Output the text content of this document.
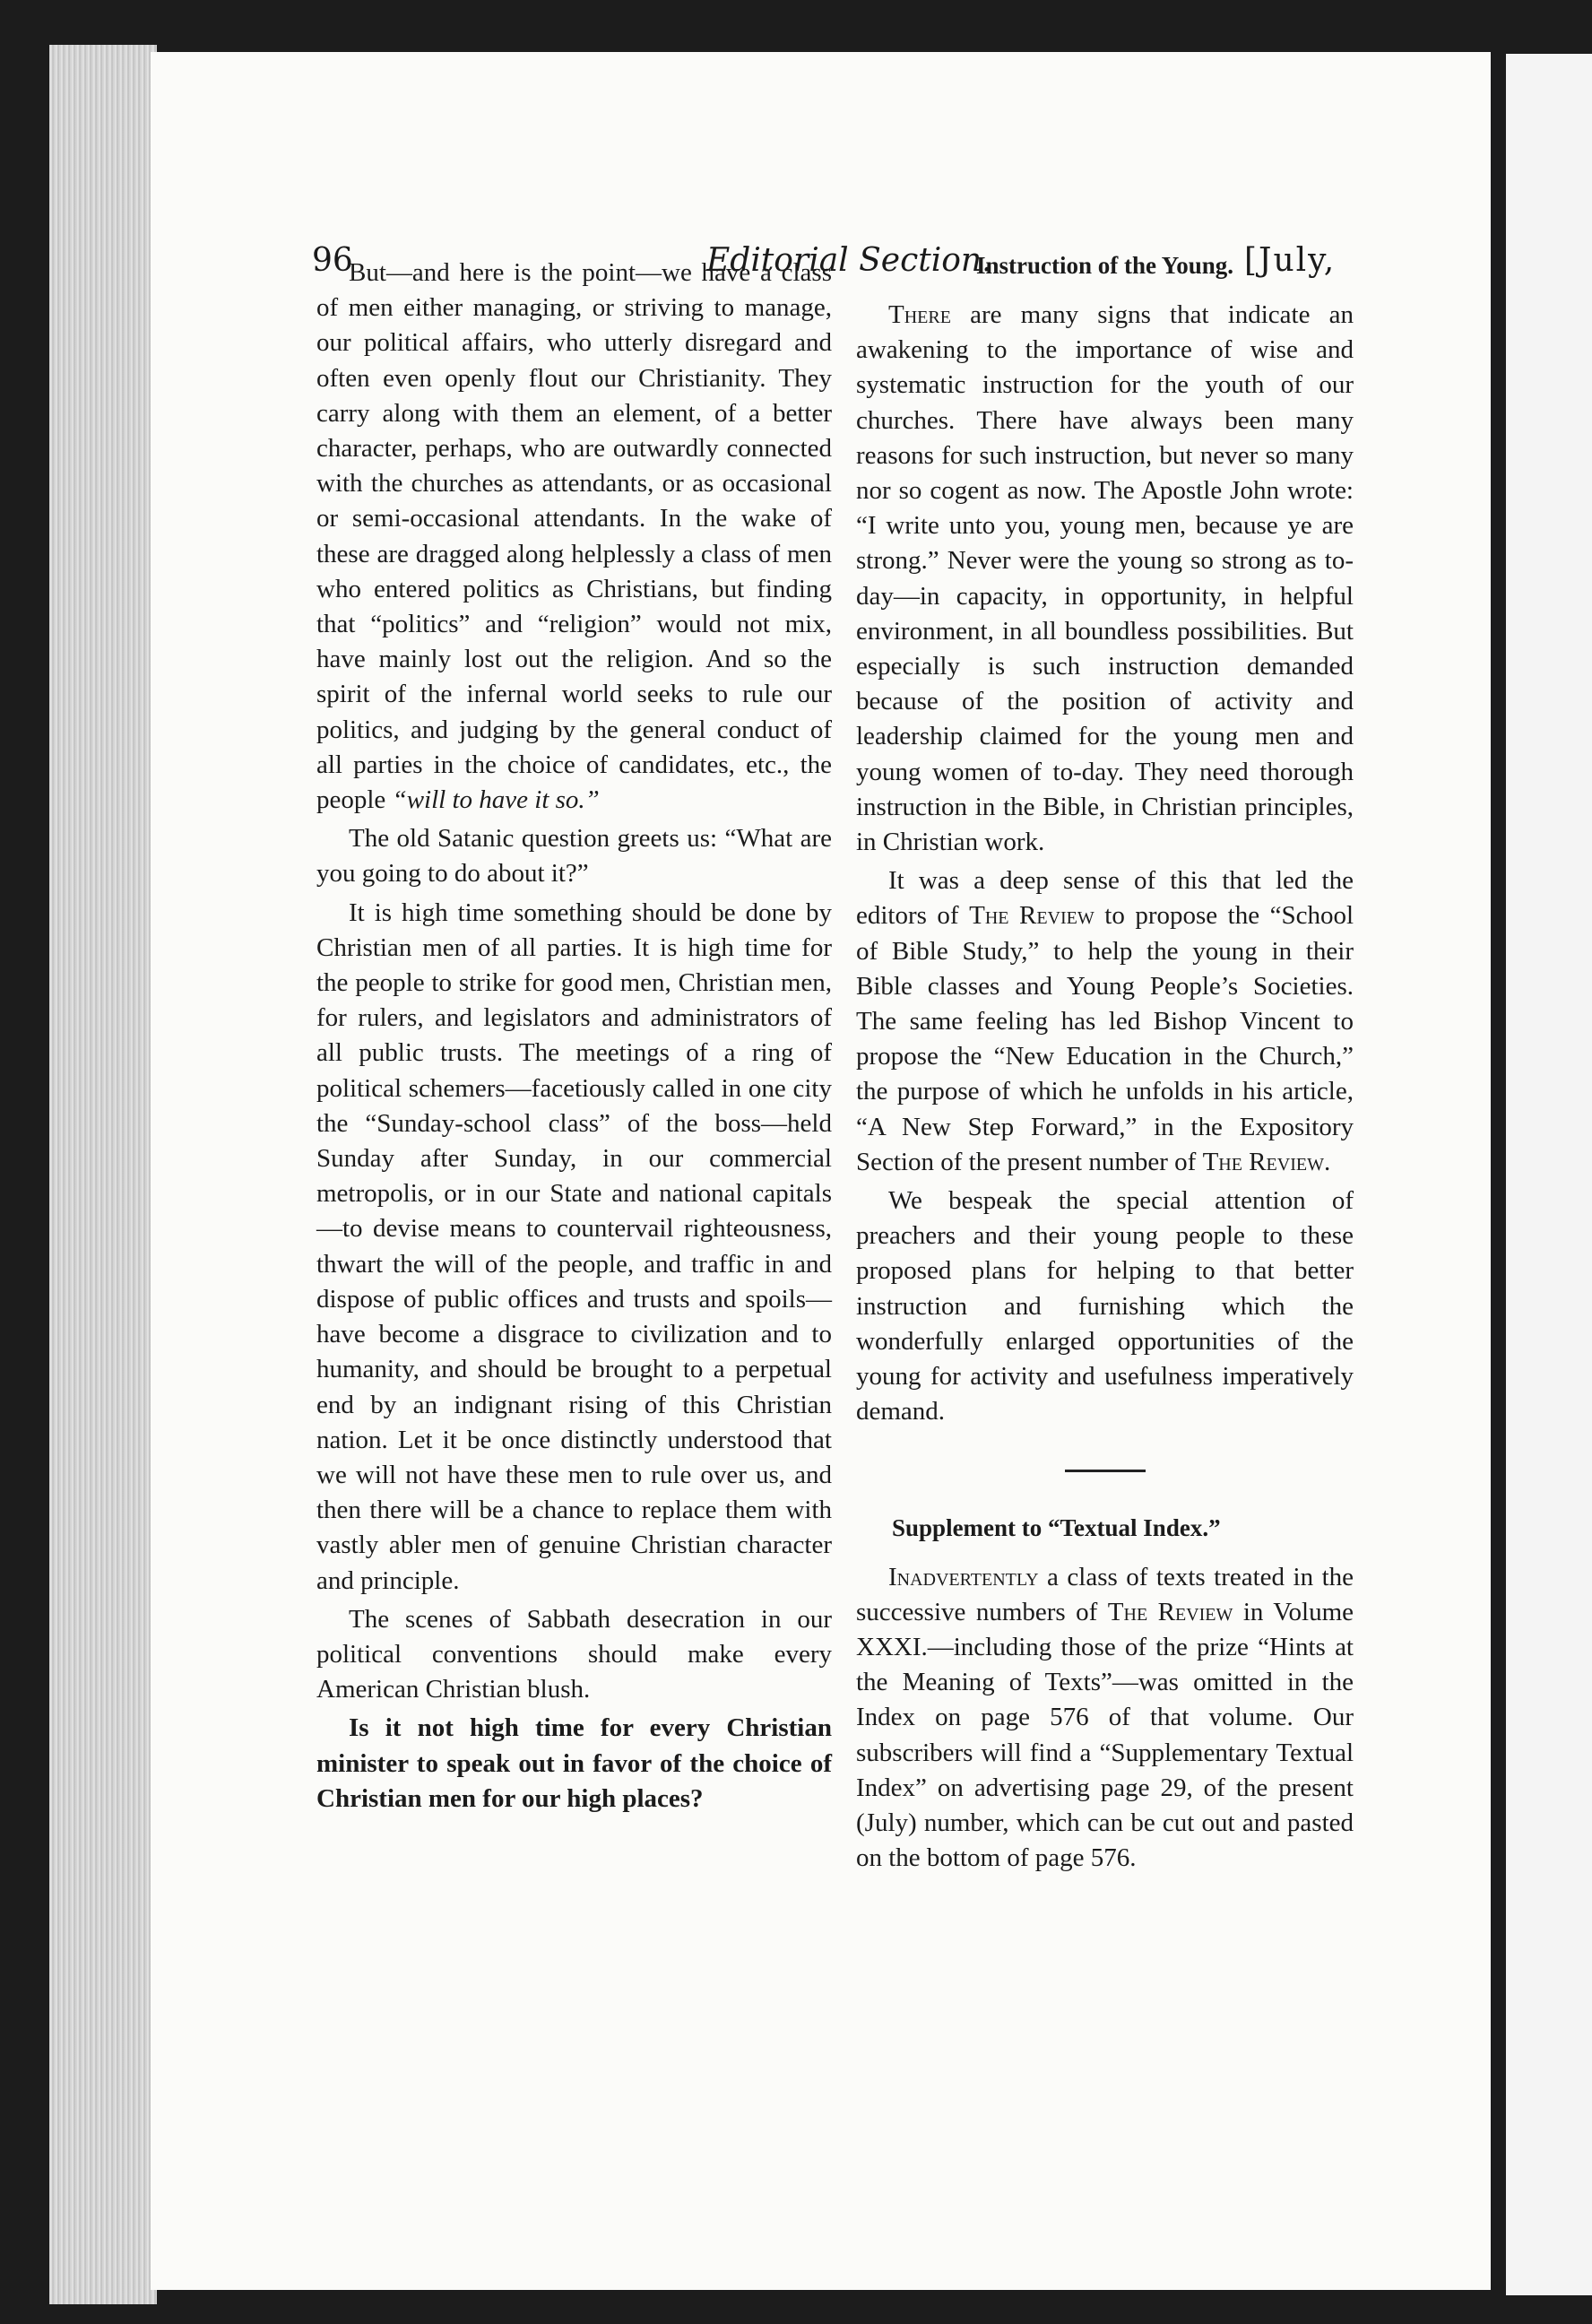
96	Editorial Section.	[July,

But—and here is the point—we have a class of men either managing, or striving to manage, our political affairs, who utterly disregard and often even openly flout our Christianity. They carry along with them an element, of a better character, perhaps, who are outwardly connected with the churches as attendants, or as occasional or semi-occasional attendants. In the wake of these are dragged along helplessly a class of men who entered politics as Christians, but finding that “politics” and “religion” would not mix, have mainly lost out the religion. And so the spirit of the infernal world seeks to rule our politics, and judging by the general conduct of all parties in the choice of candidates, etc., the people “will to have it so.”

The old Satanic question greets us: “What are you going to do about it?”

It is high time something should be done by Christian men of all parties. It is high time for the people to strike for good men, Christian men, for rulers, and legislators and administrators of all public trusts. The meetings of a ring of political schemers—facetiously called in one city the “Sunday-school class” of the boss—held Sunday after Sunday, in our commercial metropolis, or in our State and national capitals—to devise means to countervail righteousness, thwart the will of the people, and traffic in and dispose of public offices and trusts and spoils—have become a disgrace to civilization and to humanity, and should be brought to a perpetual end by an indignant rising of this Christian nation. Let it be once distinctly understood that we will not have these men to rule over us, and then there will be a chance to replace them with vastly abler men of genuine Christian character and principle.

The scenes of Sabbath desecration in our political conventions should make every American Christian blush.

Is it not high time for every Christian minister to speak out in favor of the choice of Christian men for our high places?

Instruction of the Young.

There are many signs that indicate an awakening to the importance of wise and systematic instruction for the youth of our churches. There have always been many reasons for such instruction, but never so many nor so cogent as now. The Apostle John wrote: “I write unto you, young men, because ye are strong.” Never were the young so strong as to-day—in capacity, in opportunity, in helpful environment, in all boundless possibilities. But especially is such instruction demanded because of the position of activity and leadership claimed for the young men and young women of to-day. They need thorough instruction in the Bible, in Christian principles, in Christian work.

It was a deep sense of this that led the editors of The Review to propose the “School of Bible Study,” to help the young in their Bible classes and Young People’s Societies. The same feeling has led Bishop Vincent to propose the “New Education in the Church,” the purpose of which he unfolds in his article, “A New Step Forward,” in the Expository Section of the present number of The Review.

We bespeak the special attention of preachers and their young people to these proposed plans for helping to that better instruction and furnishing which the wonderfully enlarged opportunities of the young for activity and usefulness imperatively demand.

Supplement to “Textual Index.”

Inadvertently a class of texts treated in the successive numbers of The Review in Volume XXXI.—including those of the prize “Hints at the Meaning of Texts”—was omitted in the Index on page 576 of that volume. Our subscribers will find a “Supplementary Textual Index” on advertising page 29, of the present (July) number, which can be cut out and pasted on the bottom of page 576.
